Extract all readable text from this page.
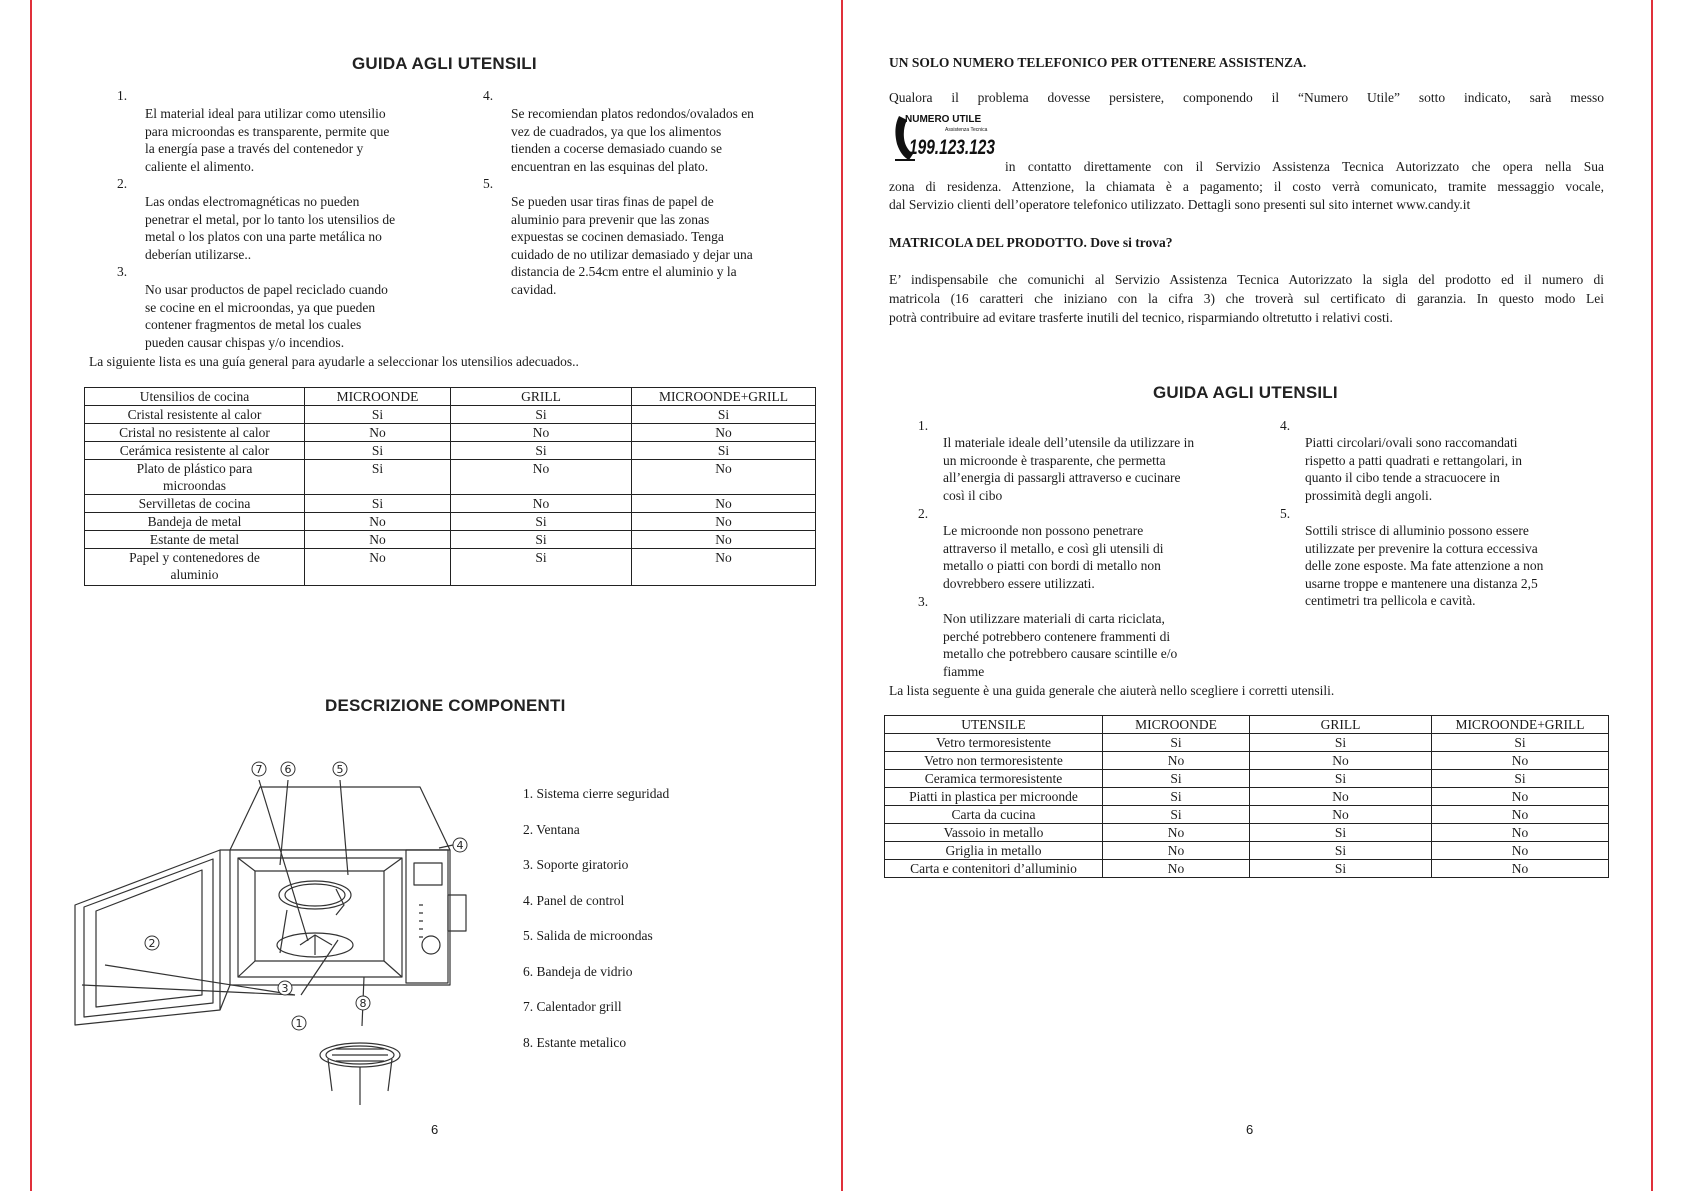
GUIDA AGLI UTENSILI
1.
El material ideal para utilizar como utensilio
para microondas es transparente, permite que
la energía pase a través del contenedor y
caliente el alimento.
2.
Las ondas electromagnéticas no pueden
penetrar el metal, por lo tanto los utensilios de
metal o los platos con una parte metálica no
deberían utilizarse..
3.
No usar productos de papel reciclado cuando
se cocine en el microondas, ya que pueden
contener fragmentos de metal los cuales
pueden causar chispas y/o incendios.
4.
Se recomiendan platos redondos/ovalados en
vez de cuadrados, ya que los alimentos
tienden a cocerse demasiado cuando se
encuentran en las esquinas del plato.
5.
Se pueden usar tiras finas de papel de
aluminio para prevenir que las zonas
expuestas se cocinen demasiado. Tenga
cuidado de no utilizar demasiado y dejar una
distancia de 2.54cm entre el aluminio y la
cavidad.
La siguiente lista es una guía general para ayudarle a seleccionar los utensilios adecuados..
Utensilios de cocina	MICROONDE	GRILL	MICROONDE+GRILL
Cristal resistente al calor	Si	Si	Si
Cristal no resistente al calor	No	No	No
Cerámica resistente al calor	Si	Si	Si
Plato de plástico para microondas	Si	No	No
Servilletas de cocina	Si	No	No
Bandeja de metal	No	Si	No
Estante de metal	No	Si	No
Papel y contenedores de aluminio	No	Si	No
DESCRIZIONE COMPONENTI
7 6	5
4
2
3
1
8
1. Sistema cierre seguridad
2. Ventana
3. Soporte giratorio
4. Panel de control
5. Salida de microondas
6. Bandeja de vidrio
7. Calentador grill
8. Estante metalico
6
UN SOLO NUMERO TELEFONICO PER OTTENERE ASSISTENZA.
Qualora il problema dovesse persistere, componendo il “Numero Utile” sotto indicato, sarà messo
NUMERO UTILE
Assistenza Tecnica
199.123.123
in contatto direttamente con il Servizio Assistenza Tecnica Autorizzato che opera nella Sua
zona di residenza. Attenzione, la chiamata è a pagamento; il costo verrà comunicato, tramite messaggio vocale,
dal Servizio clienti dell’operatore telefonico utilizzato. Dettagli sono presenti sul sito internet www.candy.it
MATRICOLA DEL PRODOTTO. Dove si trova?
E’ indispensabile che comunichi al Servizio Assistenza Tecnica Autorizzato la sigla del prodotto ed il numero di
matricola (16 caratteri che iniziano con la cifra 3) che troverà sul certificato di garanzia. In questo modo Lei
potrà contribuire ad evitare trasferte inutili del tecnico, risparmiando oltretutto i relativi costi.
GUIDA AGLI UTENSILI
1.
Il materiale ideale dell’utensile da utilizzare in
un microonde è trasparente, che permetta
all’energia di passargli attraverso e cucinare
così il cibo
2.
Le microonde non possono penetrare
attraverso il metallo, e così gli utensili di
metallo o piatti con bordi di metallo non
dovrebbero essere utilizzati.
3.
Non utilizzare materiali di carta riciclata,
perché potrebbero contenere frammenti di
metallo che potrebbero causare scintille e/o
fiamme
4.
Piatti circolari/ovali sono raccomandati
rispetto a patti quadrati e rettangolari, in
quanto il cibo tende a stracuocere in
prossimità degli angoli.
5.
Sottili strisce di alluminio possono essere
utilizzate per prevenire la cottura eccessiva
delle zone esposte. Ma fate attenzione a non
usarne troppe e mantenere una distanza 2,5
centimetri tra pellicola e cavità.
La lista seguente è una guida generale che aiuterà nello scegliere i corretti utensili.
UTENSILE	MICROONDE	GRILL	MICROONDE+GRILL
Vetro termoresistente	Si	Si	Si
Vetro non termoresistente	No	No	No
Ceramica termoresistente	Si	Si	Si
Piatti in plastica per microonde	Si	No	No
Carta da cucina	Si	No	No
Vassoio in metallo	No	Si	No
Griglia in metallo	No	Si	No
Carta e contenitori d’alluminio	No	Si	No
6
